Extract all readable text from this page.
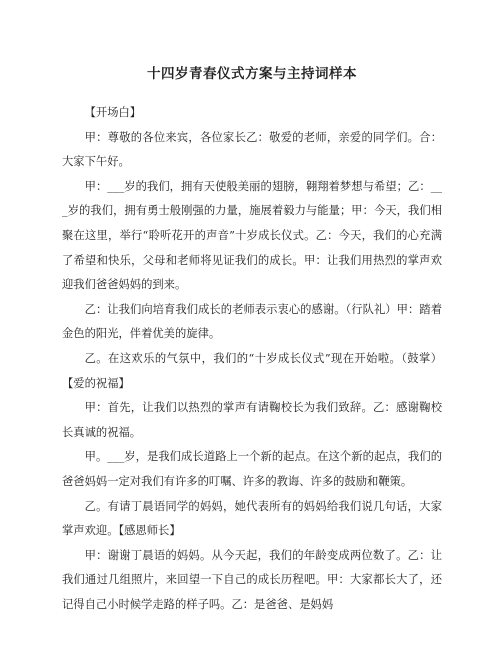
十四岁青春仪式方案与主持词样本

【开场白】

甲：尊敬的各位来宾，各位家长乙：敬爱的老师，亲爱的同学们。合：大家下午好。

甲：___岁的我们，拥有天使般美丽的翅膀，翱翔着梦想与希望；乙：___岁的我们，拥有勇士般刚强的力量，施展着毅力与能量；甲：今天，我们相聚在这里，举行“聆听花开的声音”十岁成长仪式。乙：今天，我们的心充满了希望和快乐，父母和老师将见证我们的成长。甲：让我们用热烈的掌声欢迎我们爸爸妈妈的到来。

乙：让我们向培育我们成长的老师表示衷心的感谢。（行队礼）甲：踏着金色的阳光，伴着优美的旋律。

乙。在这欢乐的气氛中，我们的“十岁成长仪式”现在开始啦。（鼓掌）【爱的祝福】

甲：首先，让我们以热烈的掌声有请鞠校长为我们致辞。乙：感谢鞠校长真诚的祝福。

甲。___岁，是我们成长道路上一个新的起点。在这个新的起点，我们的爸爸妈妈一定对我们有许多的叮嘱、许多的教诲、许多的鼓励和鞭策。

乙。有请丁晨语同学的妈妈，她代表所有的妈妈给我们说几句话，大家掌声欢迎。【感恩师长】

甲：谢谢丁晨语的妈妈。从今天起，我们的年龄变成两位数了。乙：让我们通过几组照片，来回望一下自己的成长历程吧。甲：大家都长大了，还记得自己小时候学走路的样子吗。乙：是爸爸、是妈妈
